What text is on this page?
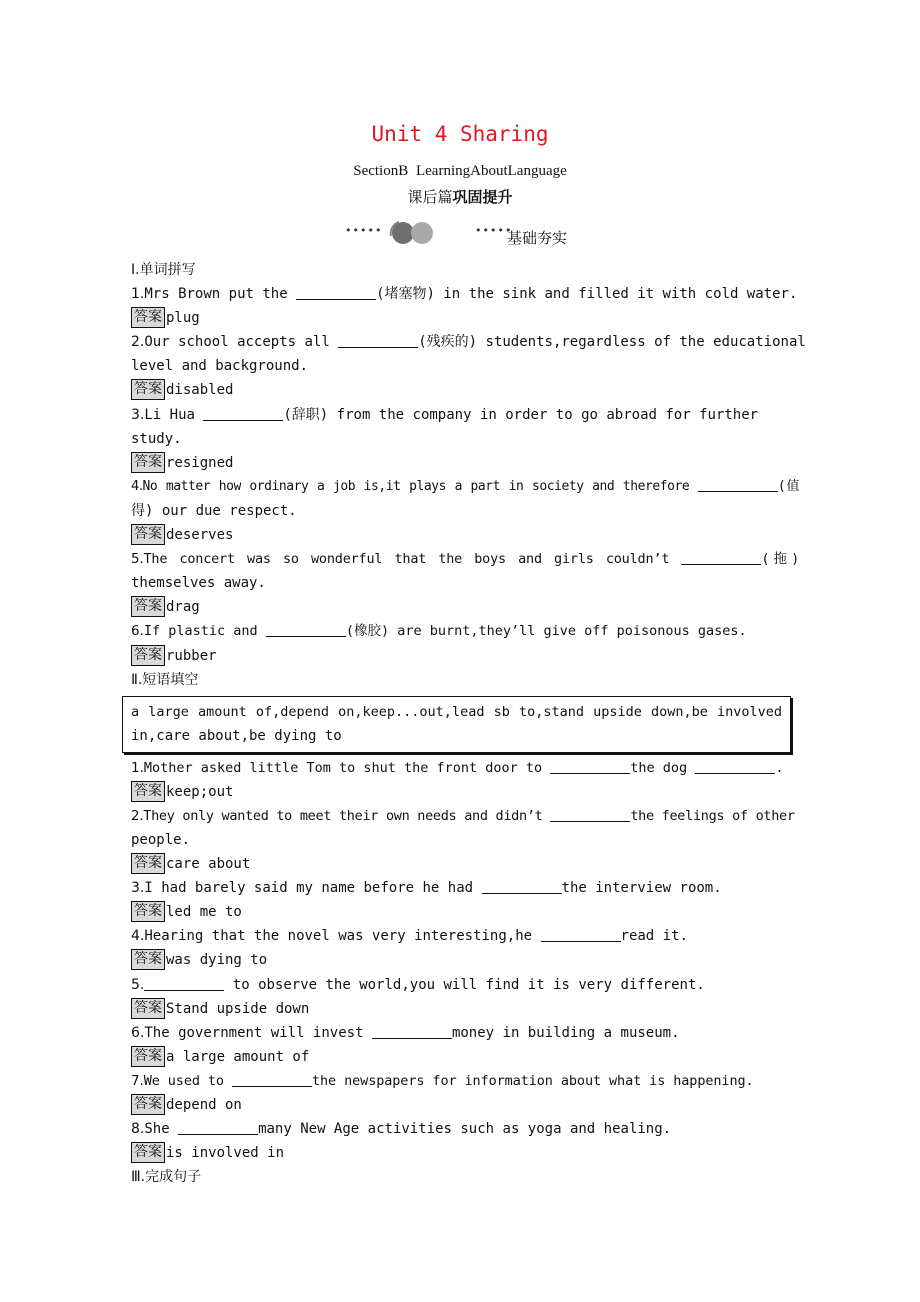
Unit 4 Sharing
SectionB LearningAboutLanguage
课后篇巩固提升
•••••	•••••
基础夯实
Ⅰ.单词拼写
1.Mrs Brown put the	(堵塞物) in the sink and filled it with cold water.
答案 plug
2.Our school accepts all	(残疾的) students,regardless of the educational
level and background.
答案 disabled
3.Li Hua	(辞职) from the company in order to go abroad for further
study.
答案 resigned
4.No matter how ordinary a job is,it plays a part in society and therefore	(值
得) our due respect.
答案 deserves
5.The concert was so wonderful that the boys and girls couldn’t	(拖)
themselves away.
答案 drag
6.If plastic and	(橡胶) are burnt,they’ll give off poisonous gases.
答案 rubber
Ⅱ.短语填空
a large amount of,depend on,keep...out,lead sb to,stand upside down,be involved
in,care about,be dying to
1.Mother asked little Tom to shut the front door to	the dog	.
答案 keep;out
2.They only wanted to meet their own needs and didn’t	the feelings of other
people.
答案 care about
3.I had barely said my name before he had	the interview room.
答案 led me to
4.Hearing that the novel was very interesting,he	read it.
答案 was dying to
5.	to observe the world,you will find it is very different.
答案 Stand upside down
6.The government will invest	money in building a museum.
答案 a large amount of
7.We used to	the newspapers for information about what is happening.
答案 depend on
8.She	many New Age activities such as yoga and healing.
答案 is involved in
Ⅲ.完成句子
